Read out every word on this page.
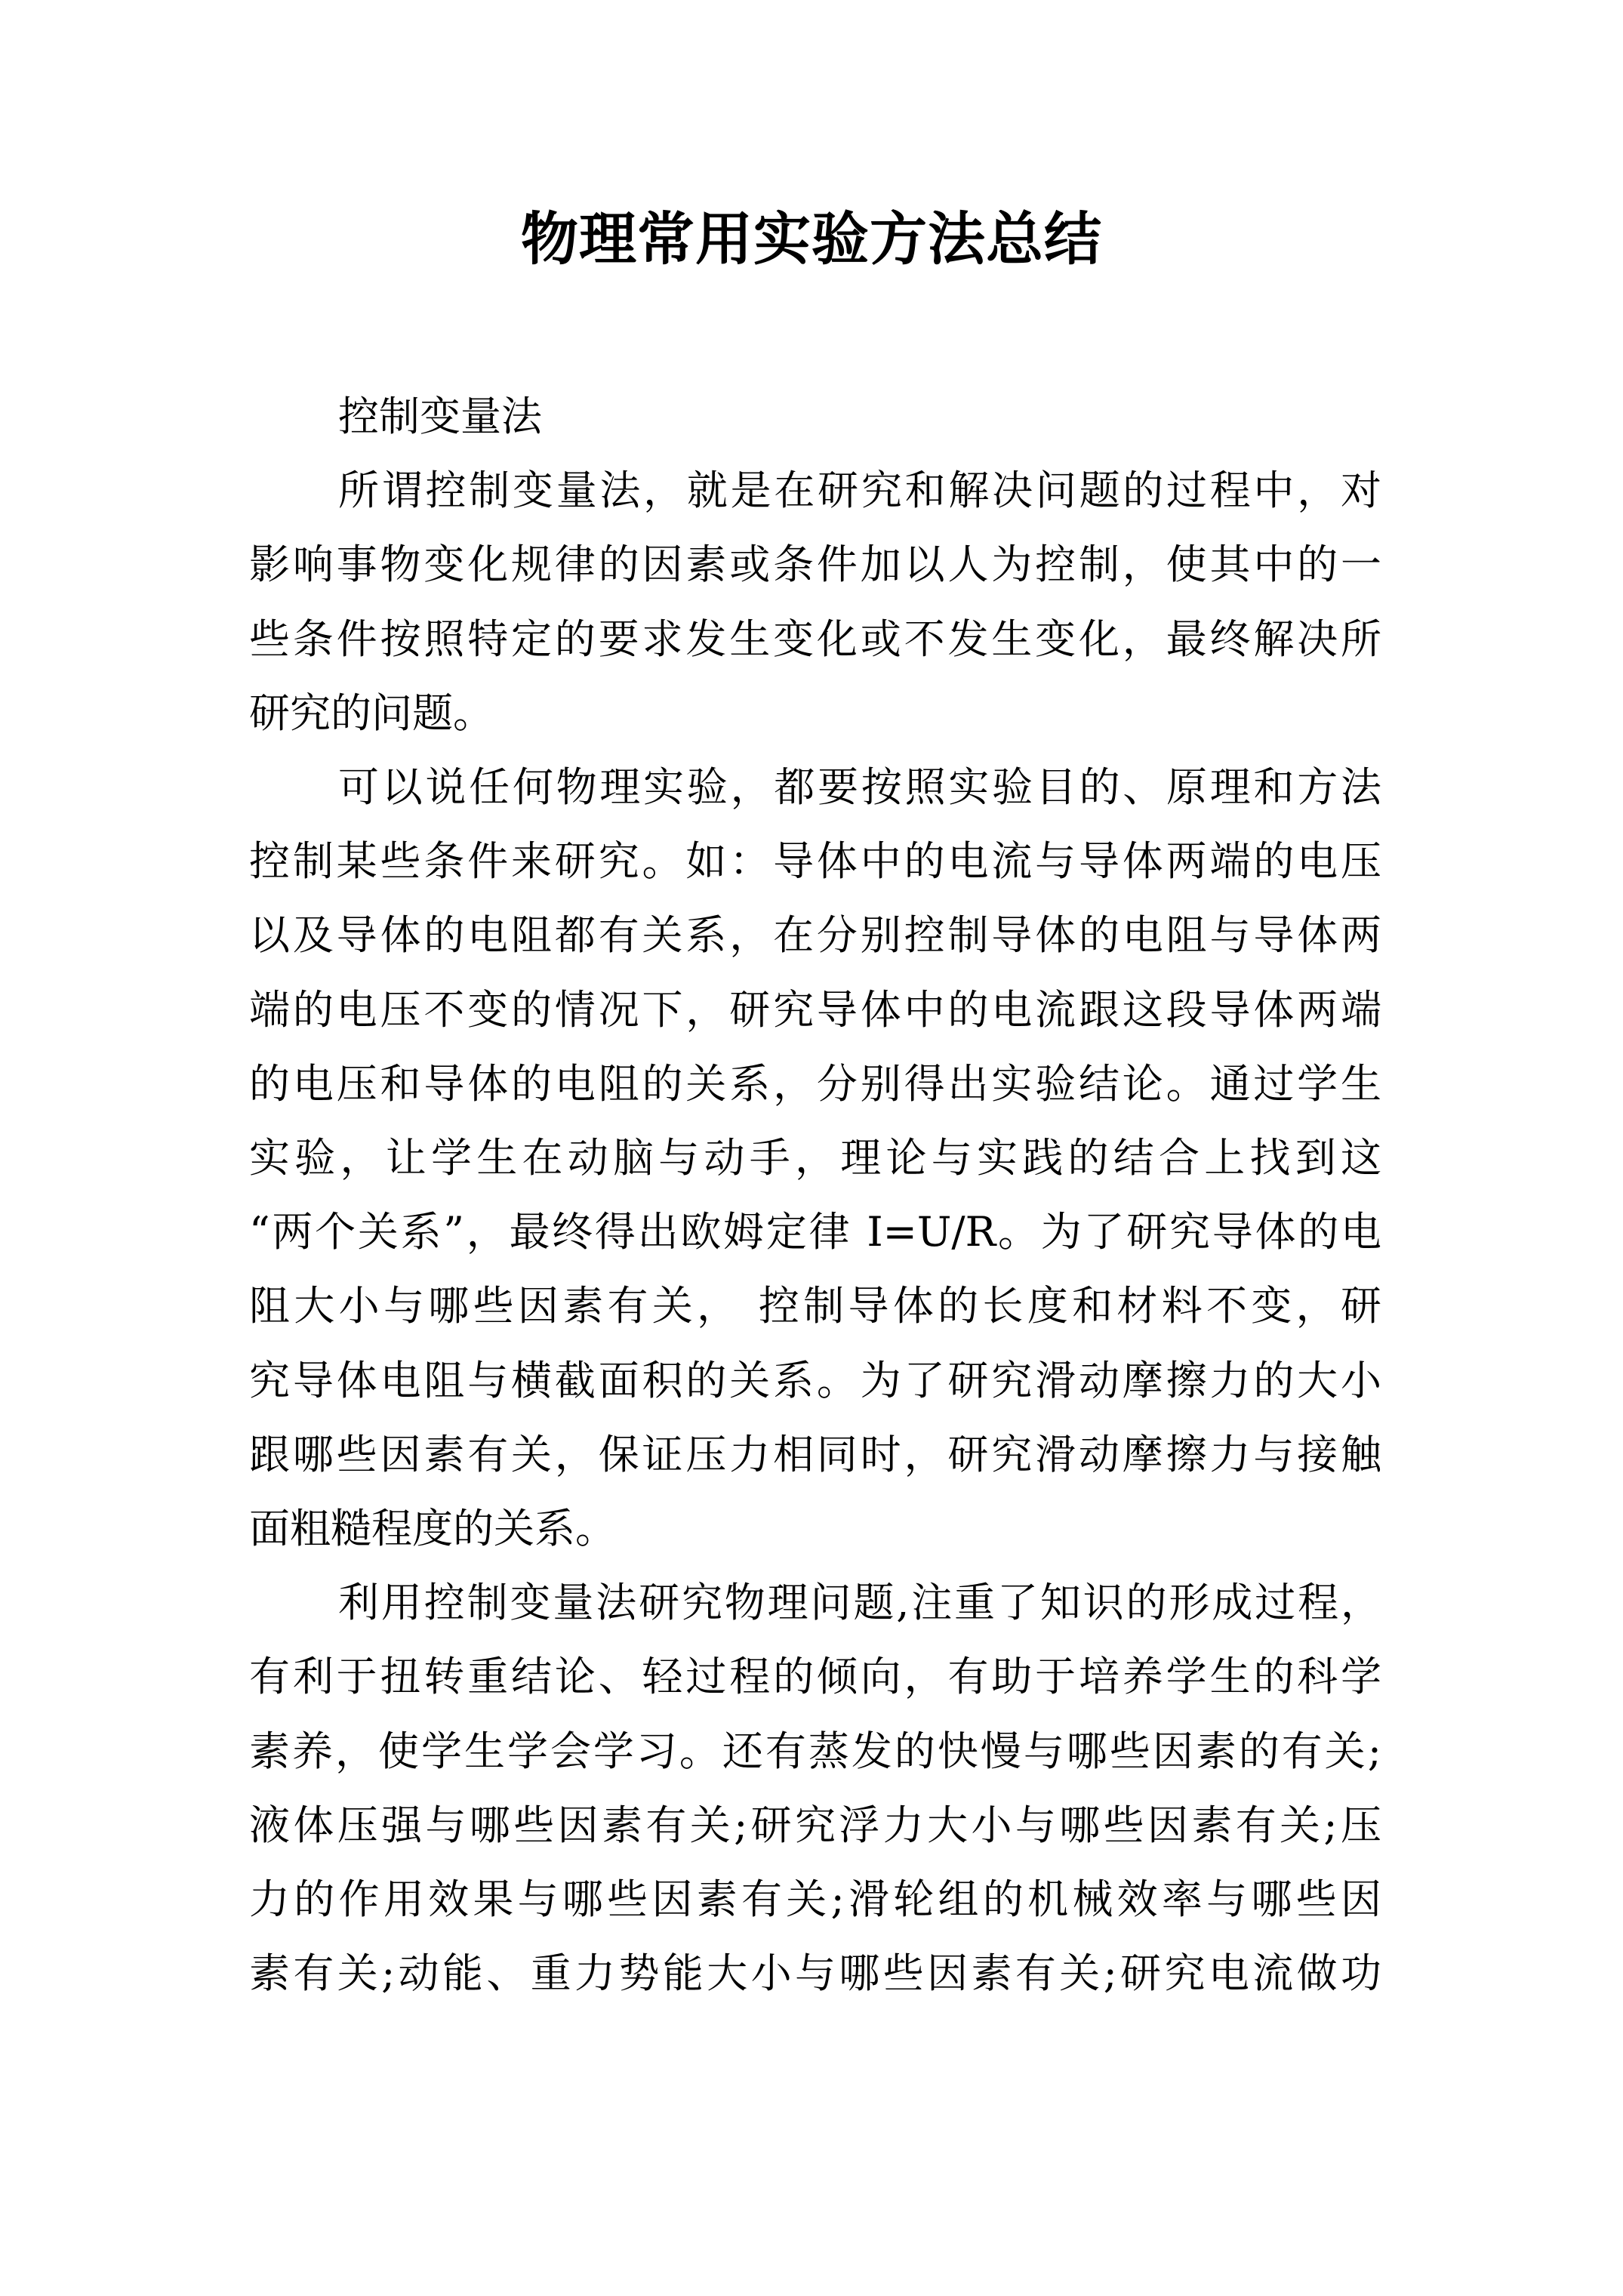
物理常用实验方法总结
控制变量法
所谓控制变量法，就是在研究和解决问题的过程中，对
影响事物变化规律的因素或条件加以人为控制，使其中的一
些条件按照特定的要求发生变化或不发生变化，最终解决所
研究的问题。
可以说任何物理实验，都要按照实验目的、原理和方法
控制某些条件来研究。如：导体中的电流与导体两端的电压
以及导体的电阻都有关系，在分别控制导体的电阻与导体两
端的电压不变的情况下，研究导体中的电流跟这段导体两端
的电压和导体的电阻的关系，分别得出实验结论。通过学生
实验，让学生在动脑与动手，理论与实践的结合上找到这
“两个关系”，最终得出欧姆定律 I=U/R。为了研究导体的电
阻大小与哪些因素有关， 控制导体的长度和材料不变，研
究导体电阻与横截面积的关系。为了研究滑动摩擦力的大小
跟哪些因素有关，保证压力相同时，研究滑动摩擦力与接触
面粗糙程度的关系。
利用控制变量法研究物理问题,注重了知识的形成过程，
有利于扭转重结论、轻过程的倾向，有助于培养学生的科学
素养，使学生学会学习。还有蒸发的快慢与哪些因素的有关;
液体压强与哪些因素有关;研究浮力大小与哪些因素有关;压
力的作用效果与哪些因素有关;滑轮组的机械效率与哪些因
素有关;动能、重力势能大小与哪些因素有关;研究电流做功
